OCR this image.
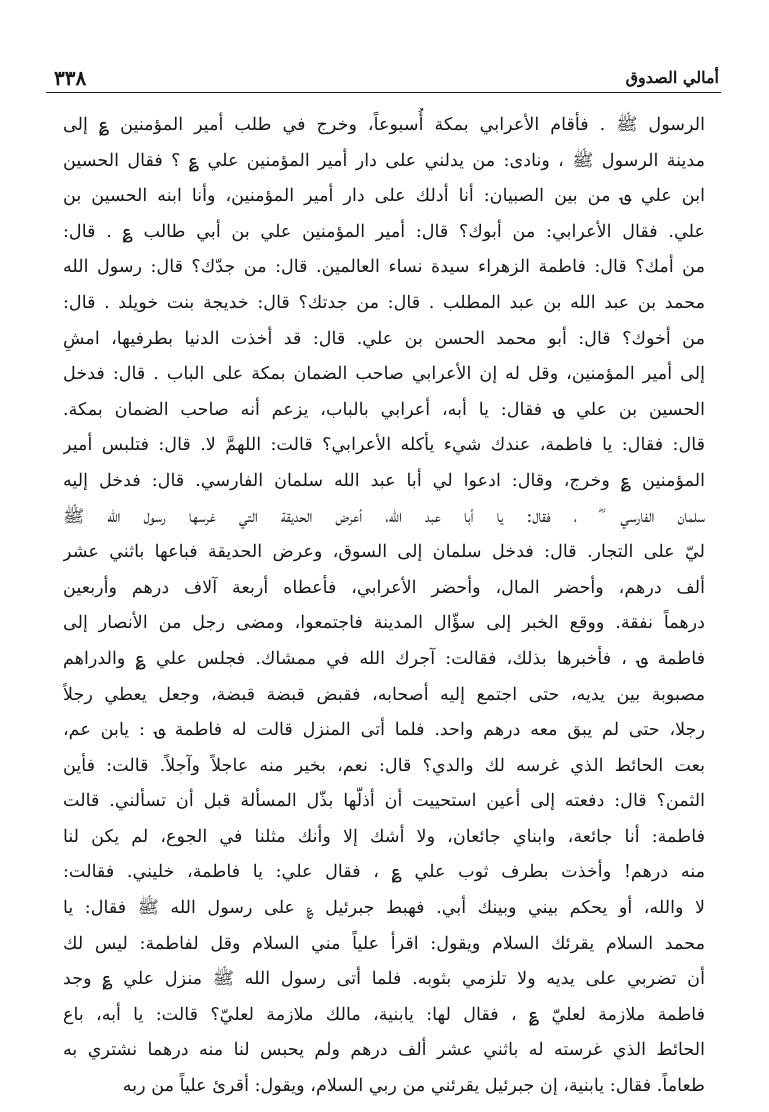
٣٣٨	أمالي الصدوق
الرسول ﷺ . فأقام الأعرابي بمكة أُسبوعاً، وخرج في طلب أمير المؤمنين ؏ إلى
مدينة الرسول ﷺ ، ونادى: من يدلني على دار أمير المؤمنين علي ؏ ؟ فقال الحسين
ابن علي ؈ من بين الصبيان: أنا أدلك على دار أمير المؤمنين، وأنا ابنه الحسين بن
علي. فقال الأعرابي: من أبوك؟ قال: أمير المؤمنين علي بن أبي طالب ؏ . قال:
من أمك؟ قال: فاطمة الزهراء سيدة نساء العالمين. قال: من جدّك؟ قال: رسول الله
محمد بن عبد الله بن عبد المطلب . قال: من جدتك؟ قال: خديجة بنت خويلد . قال:
من أخوك؟ قال: أبو محمد الحسن بن علي. قال: قد أخذت الدنيا بطرفيها، امشِ
إلى أمير المؤمنين، وقل له إن الأعرابي صاحب الضمان بمكة على الباب . قال: فدخل
الحسين بن علي ؈ فقال: يا أبه، أعرابي بالباب، يزعم أنه صاحب الضمان بمكة.
قال: فقال: يا فاطمة، عندك شيء يأكله الأعرابي؟ قالت: اللهمَّ لا. قال: فتلبس أمير
المؤمنين ؏ وخرج، وقال: ادعوا لي أبا عبد الله سلمان الفارسي. قال: فدخل إليه
سلمان الفارسي ؓ ، فقال: يا أبا عبد الله، أعرض الحديقة التي غرسها رسول الله ﷺ
ليّ على التجار. قال: فدخل سلمان إلى السوق، وعرض الحديقة فباعها باثني عشر
ألف درهم، وأحضر المال، وأحضر الأعرابي، فأعطاه أربعة آلاف درهم وأربعين
درهماً نفقة. ووقع الخبر إلى سؤّال المدينة فاجتمعوا، ومضى رجل من الأنصار إلى
فاطمة ؈ ، فأخبرها بذلك، فقالت: آجرك الله في ممشاك. فجلس علي ؏ والدراهم
مصبوبة بين يديه، حتى اجتمع إليه أصحابه، فقبض قبضة قبضة، وجعل يعطي رجلاً
رجلا، حتى لم يبق معه درهم واحد. فلما أتى المنزل قالت له فاطمة ؈ : يابن عم،
بعت الحائط الذي غرسه لك والدي؟ قال: نعم، بخير منه عاجلاً وآجلاً. قالت: فأين
الثمن؟ قال: دفعته إلى أعين استحييت أن أذلّها بذّل المسألة قبل أن تسألني. قالت
فاطمة: أنا جائعة، وابناي جائعان، ولا أشك إلا وأنك مثلنا في الجوع، لم يكن لنا
منه درهم! وأخذت بطرف ثوب علي ؏ ، فقال علي: يا فاطمة، خليني. فقالت:
لا والله، أو يحكم بيني وبينك أبي. فهبط جبرئيل ؏ على رسول الله ﷺ فقال: يا
محمد السلام يقرئك السلام ويقول: اقرأ علياً مني السلام وقل لفاطمة: ليس لك
أن تضربي على يديه ولا تلزمي بثوبه. فلما أتى رسول الله ﷺ منزل علي ؏ وجد
فاطمة ملازمة لعليّ ؏ ، فقال لها: يابنية، مالك ملازمة لعليّ؟ قالت: يا أبه، باع
الحائط الذي غرسته له باثني عشر ألف درهم ولم يحبس لنا منه درهما نشتري به
طعاماً. فقال: يابنية، إن جبرئيل يقرئني من ربي السلام، ويقول: أقرئ علياً من ربه
